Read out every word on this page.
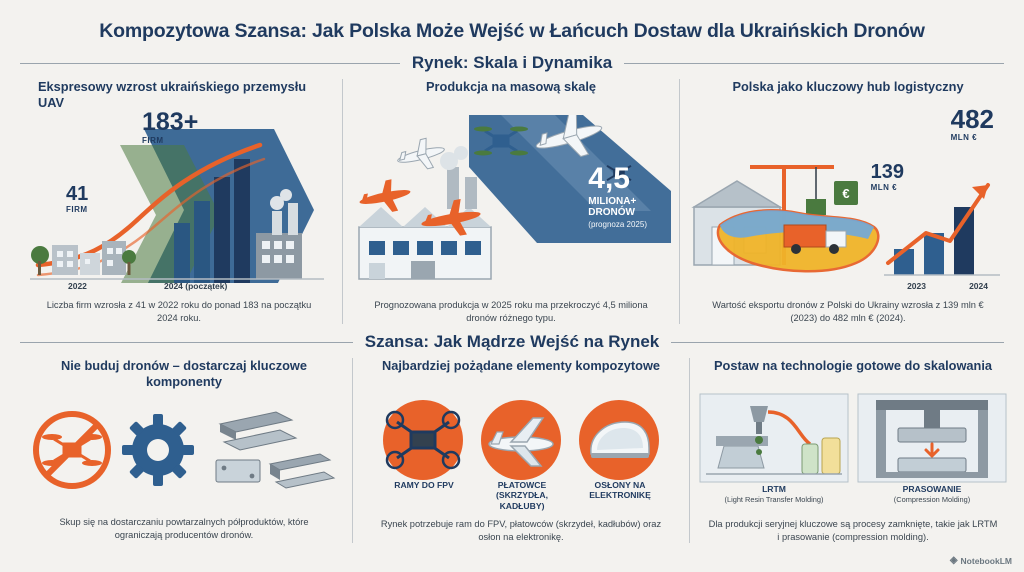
Kompozytowa Szansa: Jak Polska Może Wejść w Łańcuch Dostaw dla Ukraińskich Dronów
Rynek: Skala i Dynamika
Ekspresowy wzrost ukraińskiego przemysłu UAV
183+
FIRM
41
FIRM
2022	2024 (początek)
Liczba firm wzrosła z 41 w 2022 roku do ponad 183 na początku 2024 roku.
Produkcja na masową skalę
4,5
MILIONA+
DRONÓW
(prognoza 2025)
Prognozowana produkcja w 2025 roku ma przekroczyć 4,5 miliona dronów różnego typu.
Polska jako kluczowy hub logistyczny
€
482
MLN €
139
MLN €
2023	2024
Wartość eksportu dronów z Polski do Ukrainy wzrosła z 139 mln € (2023) do 482 mln € (2024).
Szansa: Jak Mądrze Wejść na Rynek
Nie buduj dronów – dostarczaj kluczowe komponenty
Skup się na dostarczaniu powtarzalnych półproduktów, które ograniczają producentów dronów.
Najbardziej pożądane elementy kompozytowe
RAMY DO FPV	PŁATOWCE (SKRZYDŁA, KADŁUBY)
OSŁONY NA ELEKTRONIKĘ
Rynek potrzebuje ram do FPV, płatowców (skrzydeł, kadłubów) oraz osłon na elektronikę.
Postaw na technologie gotowe do skalowania
LRTM
(Light Resin Transfer Molding)
PRASOWANIE
(Compression Molding)
Dla produkcji seryjnej kluczowe są procesy zamknięte, takie jak LRTM i prasowanie (compression molding).
◈ NotebookLM
